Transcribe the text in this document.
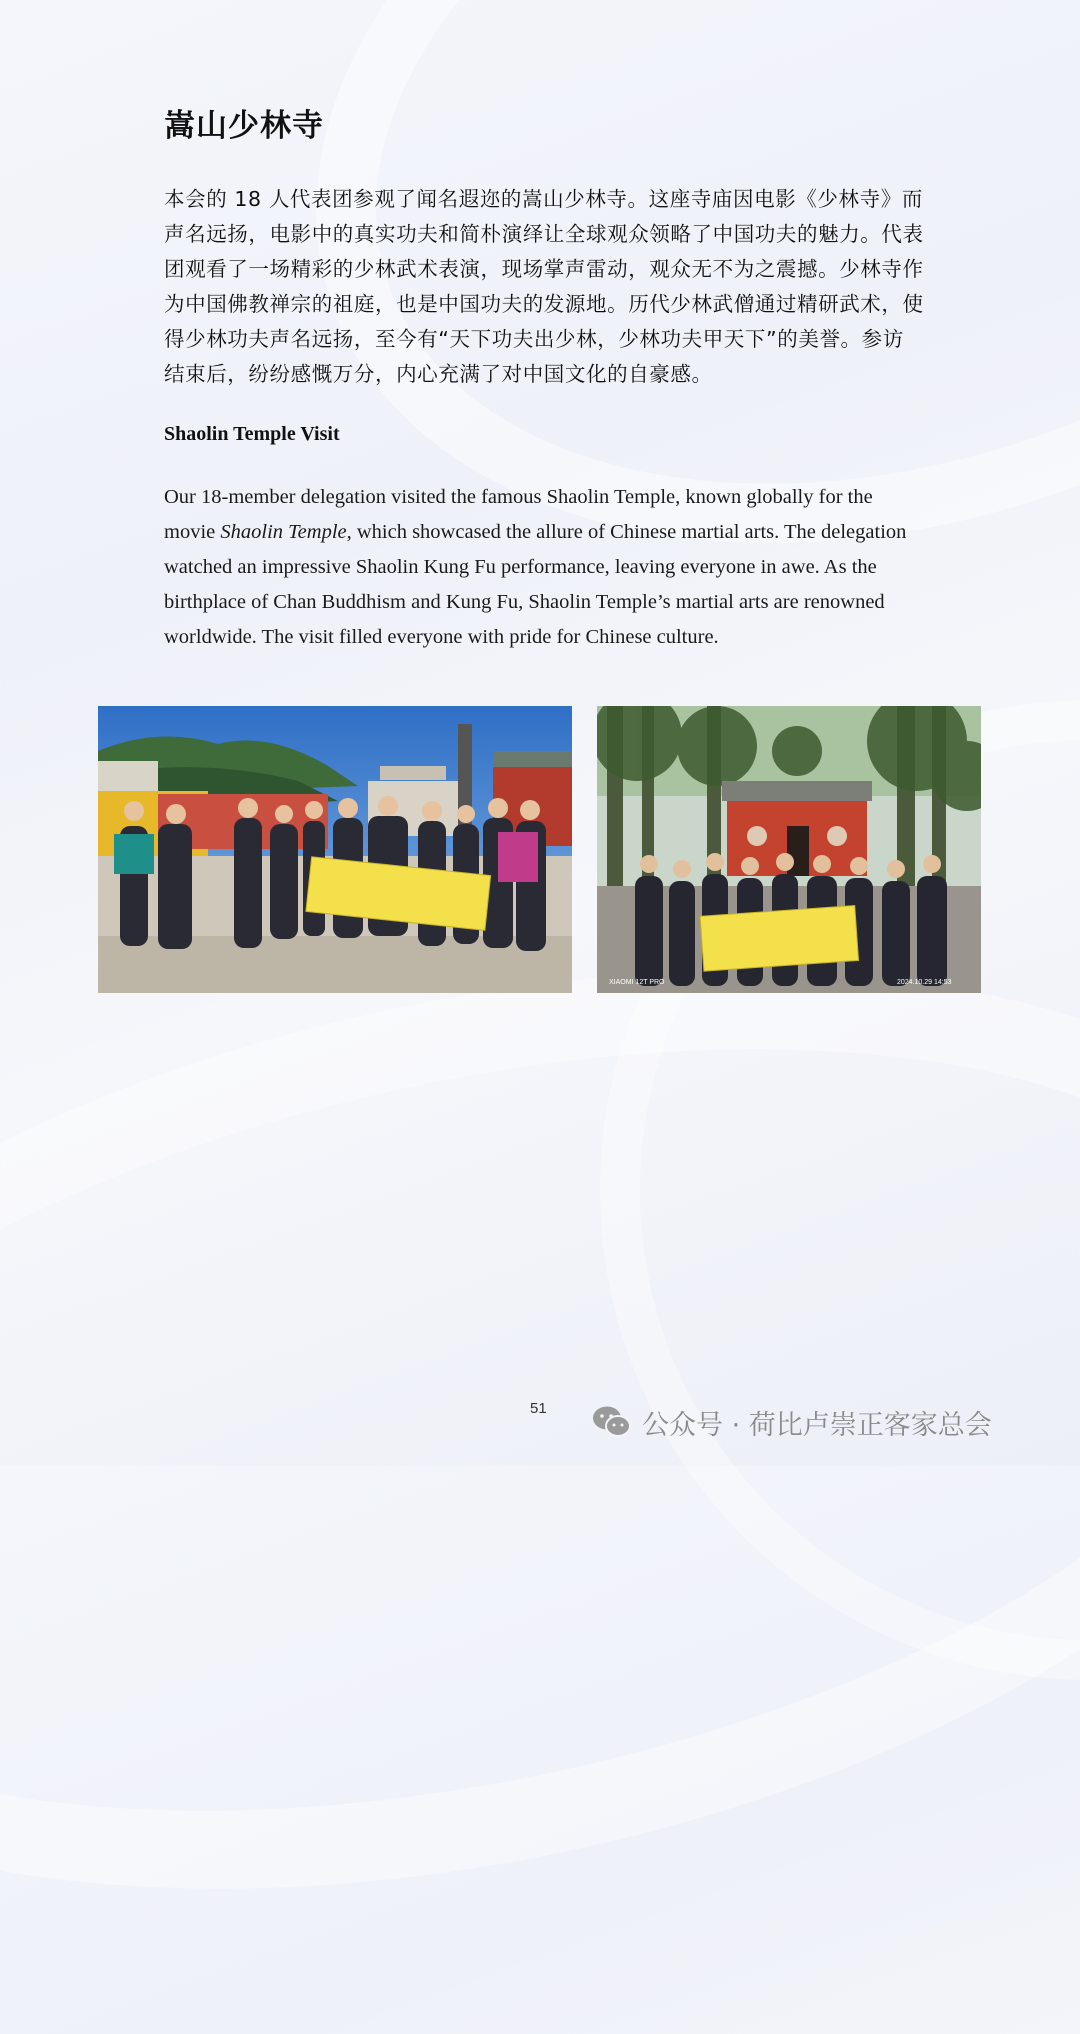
嵩山少林寺

本会的 18 人代表团参观了闻名遐迩的嵩山少林寺。这座寺庙因电影《少林寺》而声名远扬，电影中的真实功夫和简朴演绎让全球观众领略了中国功夫的魅力。代表团观看了一场精彩的少林武术表演，现场掌声雷动，观众无不为之震撼。少林寺作为中国佛教禅宗的祖庭，也是中国功夫的发源地。历代少林武僧通过精研武术，使得少林功夫声名远扬，至今有“天下功夫出少林，少林功夫甲天下”的美誉。参访结束后，纷纷感慨万分，内心充满了对中国文化的自豪感。

Shaolin Temple Visit

Our 18-member delegation visited the famous Shaolin Temple, known globally for the movie Shaolin Temple, which showcased the allure of Chinese martial arts. The delegation watched an impressive Shaolin Kung Fu performance, leaving everyone in awe. As the birthplace of Chan Buddhism and Kung Fu, Shaolin Temple’s martial arts are renowned worldwide. The visit filled everyone with pride for Chinese culture.

XIAOMI 12T PRO	2024.10.29 14:53
51
公众号 · 荷比卢崇正客家总会
